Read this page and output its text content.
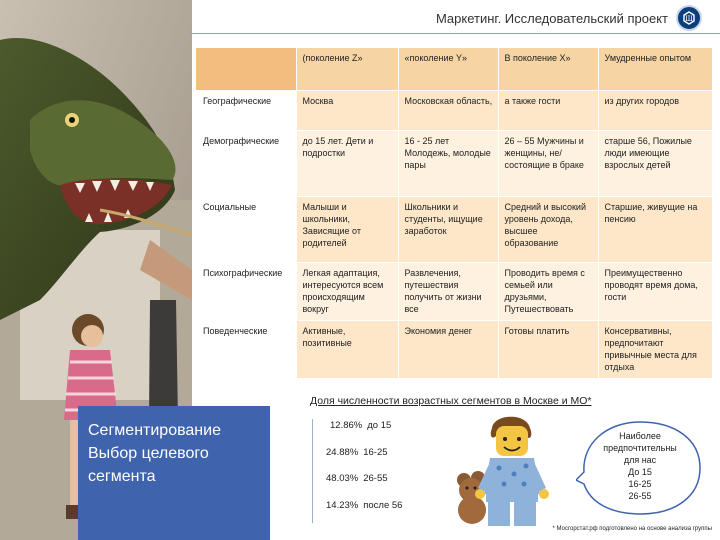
Маркетинг. Исследовательский проект Ш
	(поколение Z»	«поколение Y»	В поколение X»	Умудренные опытом
Географические	Москва	Московская область,	а также гости	из других городов
Демографические	до 15 лет. Дети и подростки	16 - 25 лет Молодежь, молодые пары	26 – 55 Мужчины и женщины, не/состоящие в браке	старше 56, Пожилые люди имеющие взрослых детей
Социальные	Малыши и школьники, Зависящие от родителей	Школьники и студенты, ищущие заработок	Средний и высокий уровень дохода, высшее образование	Старшие, живущие на пенсию
Психографические	Легкая адаптация, интересуются всем происходящим вокруг	Развлечения, путешествия получить от жизни все	Проводить время с семьей или друзьями, Путешествовать	Преимущественно проводят время дома, гости
Поведенческие	Активные, позитивные	Экономия денег	Готовы платить	Консервативны, предпочитают привычные места для отдыха
Сегментирование
Выбор целевого
сегмента
Доля численности возрастных сегментов в Москве и МО*
12.86% до 15
24.88% 16-25
48.03% 26-55
14.23% после 56
Наиболее
предпочтительны
для нас
До 15
16-25
26-55
* Мосгорстат.рф подготовлено на основе анализа группы
